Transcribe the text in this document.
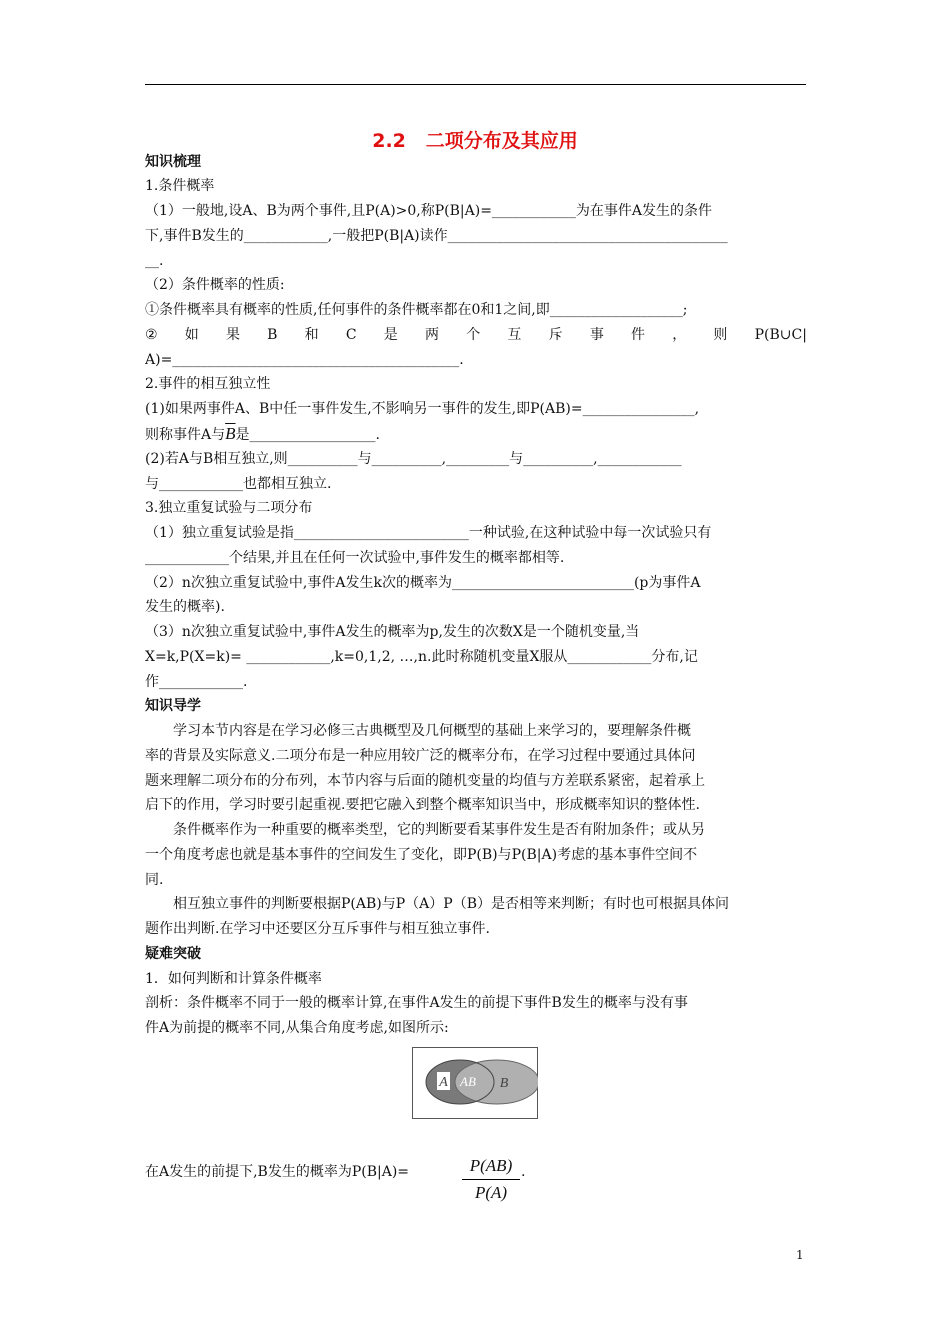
2.2   二项分布及其应用
知识梳理
1.条件概率
（1）一般地,设A、B为两个事件,且P(A)>0,称P(B|A)=____________为在事件A发生的条件
下,事件B发生的____________,一般把P(B|A)读作________________________________________
__.
（2）条件概率的性质:
①条件概率具有概率的性质,任何事件的条件概率都在0和1之间,即___________________;
② 如 果 B 和 C 是 两 个 互 斥 事 件 ， 则 P(B∪C|
A)=_________________________________________.
2.事件的相互独立性
(1)如果两事件A、B中任一事件发生,不影响另一事件的发生,即P(AB)=________________,
则称事件A与$\overline{B}$是__________________.
(2)若A与B相互独立,则__________与__________,_________与__________,____________
与____________也都相互独立.
3.独立重复试验与二项分布
（1）独立重复试验是指_________________________一种试验,在这种试验中每一次试验只有
____________个结果,并且在任何一次试验中,事件发生的概率都相等.
（2）n次独立重复试验中,事件A发生k次的概率为__________________________(p为事件A
发生的概率).
（3）n次独立重复试验中,事件A发生的概率为p,发生的次数X是一个随机变量,当
X=k,P(X=k)= ____________,k=0,1,2, …,n.此时称随机变量X服从____________分布,记
作____________.
知识导学
学习本节内容是在学习必修三古典概型及几何概型的基础上来学习的，要理解条件概
率的背景及实际意义.二项分布是一种应用较广泛的概率分布，在学习过程中要通过具体问
题来理解二项分布的分布列，本节内容与后面的随机变量的均值与方差联系紧密，起着承上
启下的作用，学习时要引起重视.要把它融入到整个概率知识当中，形成概率知识的整体性.
条件概率作为一种重要的概率类型，它的判断要看某事件发生是否有附加条件；或从另
一个角度考虑也就是基本事件的空间发生了变化，即P(B)与P(B|A)考虑的基本事件空间不
同.
相互独立事件的判断要根据P(AB)与P（A）P（B）是否相等来判断；有时也可根据具体问
题作出判断.在学习中还要区分互斥事件与相互独立事件.
疑难突破
1．如何判断和计算条件概率
剖析：条件概率不同于一般的概率计算,在事件A发生的前提下事件B发生的概率与没有事
件A为前提的概率不同,从集合角度考虑,如图所示:
A AB B
在A发生的前提下,B发生的概率为P(B|A)=	P(AB)
P(A)
.
1
